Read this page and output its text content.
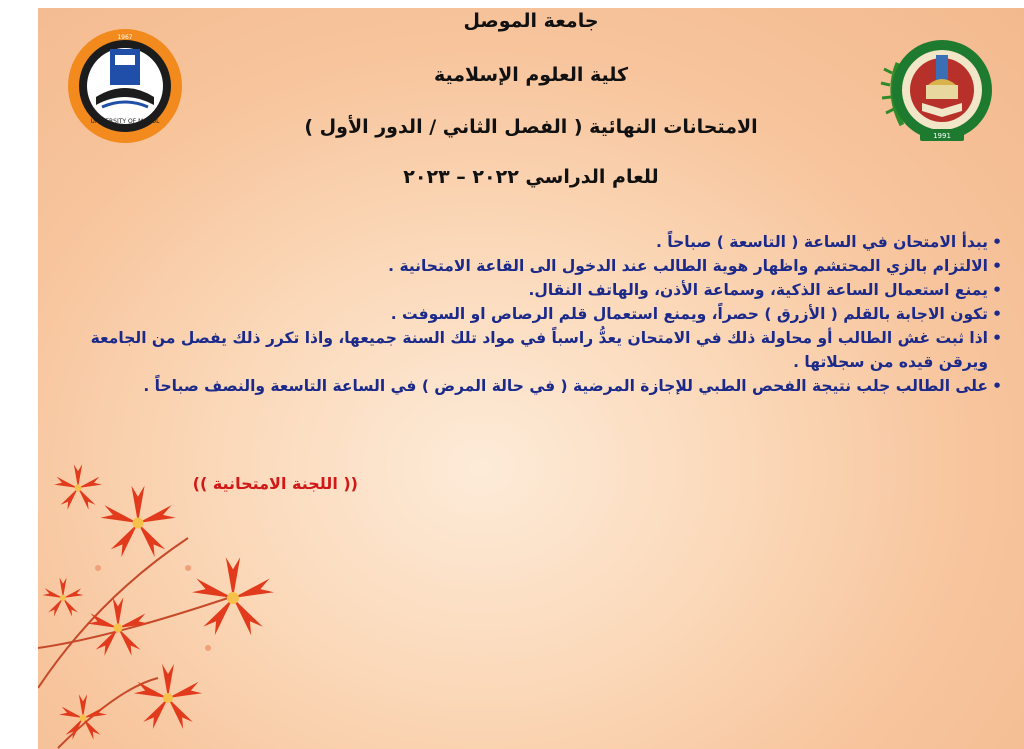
UNIVERSITY OF MOSUL
1967
1991

جامعة الموصل

كلية العلوم الإسلامية

الامتحانات النهائية ( الفصل الثاني / الدور الأول )

للعام الدراسي ٢٠٢٢ – ٢٠٢٣

• يبدأ الامتحان في الساعة ( التاسعة ) صباحاً .
• الالتزام بالزي المحتشم واظهار هوية الطالب عند الدخول الى القاعة الامتحانية .
• يمنع استعمال الساعة الذكية، وسماعة الأذن، والهاتف النقال.
• تكون الاجابة بالقلم ( الأزرق ) حصراً، ويمنع استعمال قلم الرصاص او السوفت .
• اذا ثبت غش الطالب أو محاولة ذلك في الامتحان يعدُّ راسباً في مواد تلك السنة جميعها، واذا تكرر ذلك يفصل من الجامعة ويرقن قيده من سجلاتها .
• على الطالب جلب نتيجة الفحص الطبي للإجازة المرضية ( في حالة المرض ) في الساعة التاسعة والنصف صباحاً .
(( اللجنة الامتحانية ))
